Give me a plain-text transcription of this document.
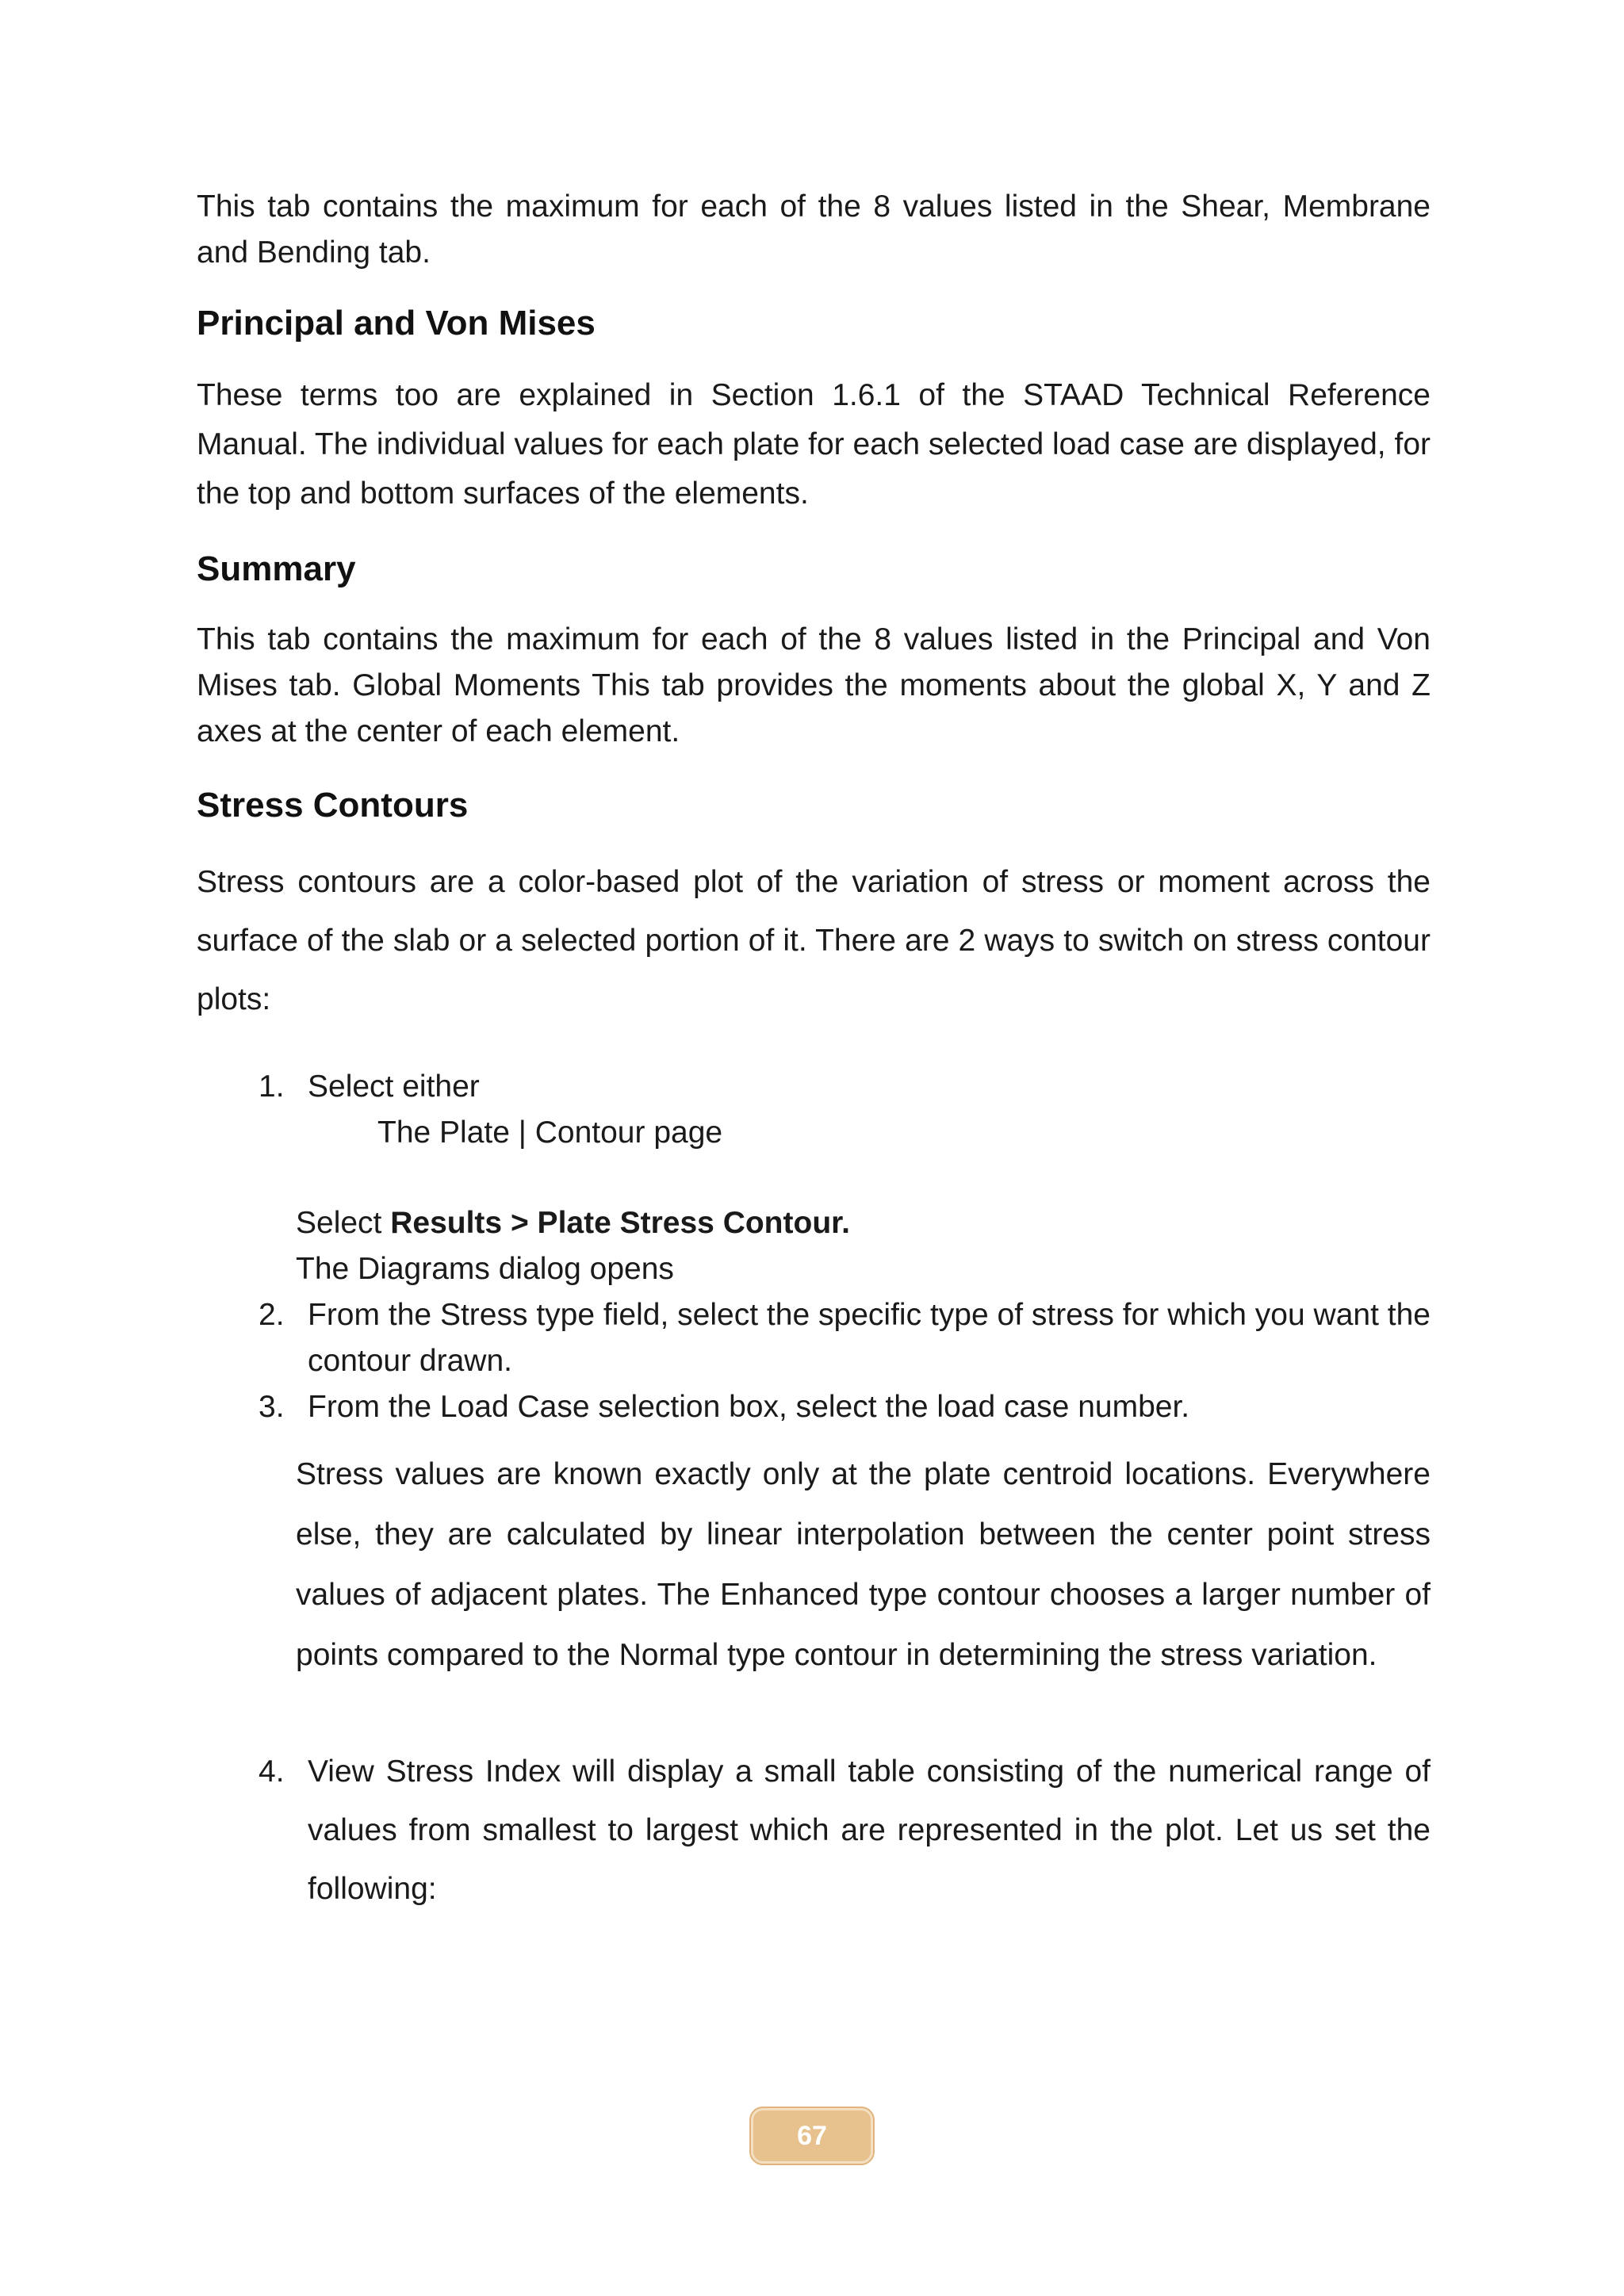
This tab contains the maximum for each of the 8 values listed in the Shear, Membrane and Bending tab.

Principal and Von Mises

These terms too are explained in Section 1.6.1 of the STAAD Technical Reference Manual. The individual values for each plate for each selected load case are displayed, for the top and bottom surfaces of the elements.

Summary

This tab contains the maximum for each of the 8 values listed in the Principal and Von Mises tab. Global Moments This tab provides the moments about the global X, Y and Z axes at the center of each element.

Stress Contours

Stress contours are a color-based plot of the variation of stress or moment across the surface of the slab or a selected portion of it. There are 2 ways to switch on stress contour plots:

1. Select either
The Plate | Contour page
Select Results > Plate Stress Contour.
The Diagrams dialog opens
2. From the Stress type field, select the specific type of stress for which you want the contour drawn.
3. From the Load Case selection box, select the load case number.

Stress values are known exactly only at the plate centroid locations. Everywhere else, they are calculated by linear interpolation between the center point stress values of adjacent plates. The Enhanced type contour chooses a larger number of points compared to the Normal type contour in determining the stress variation.

4. View Stress Index will display a small table consisting of the numerical range of values from smallest to largest which are represented in the plot. Let us set the following:
67
